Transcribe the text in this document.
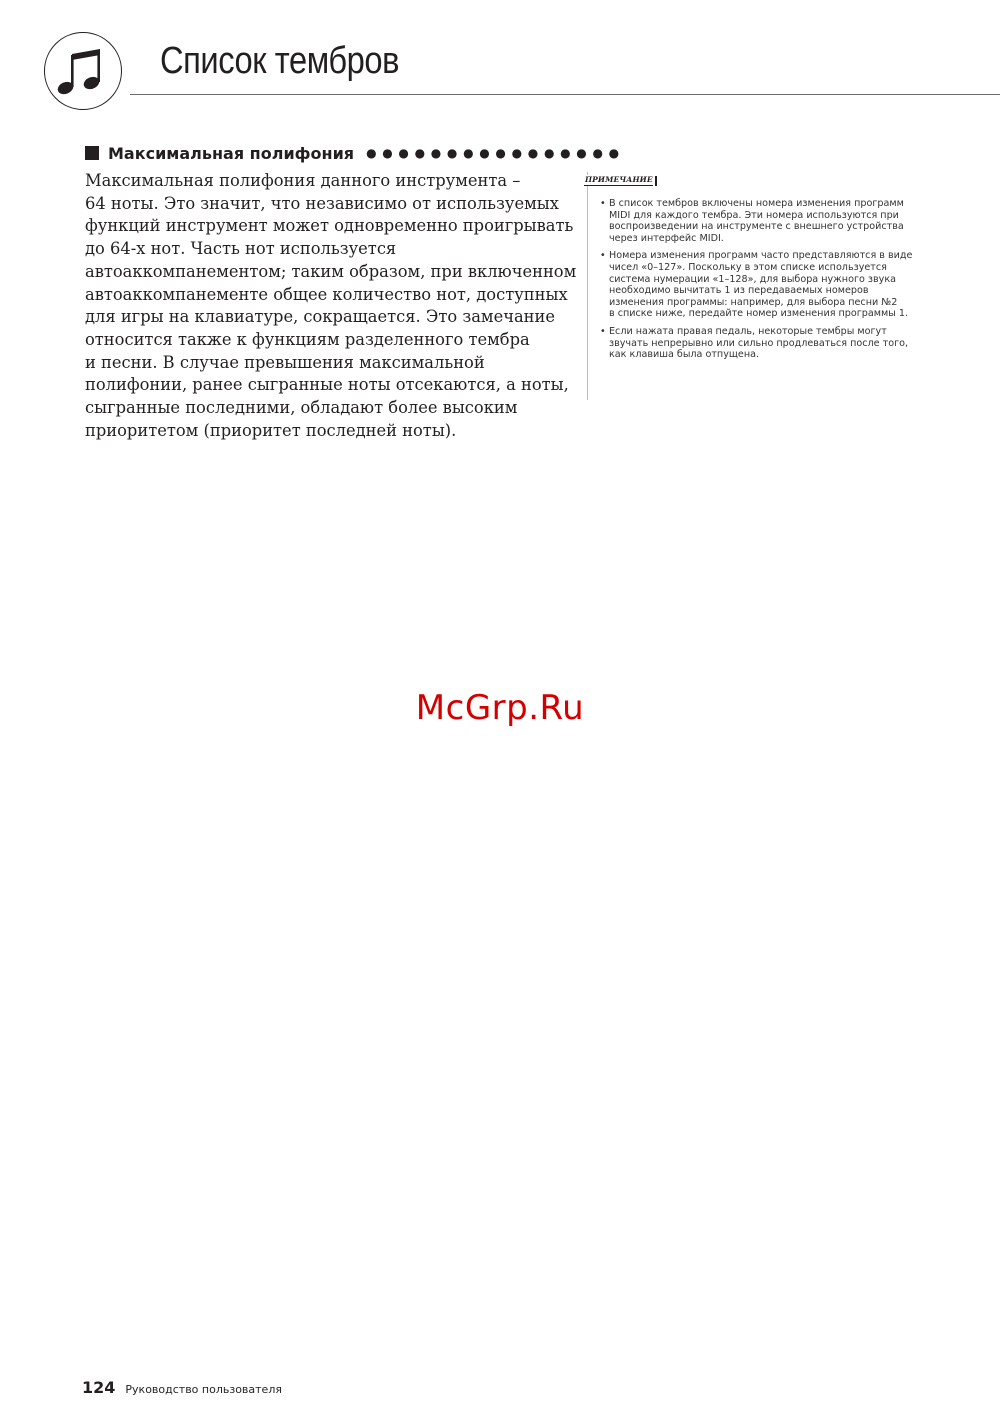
Список тембров
Максимальная полифония ●●●●●●●●●●●●●●●●

Максимальная полифония данного инструмента –
64 ноты. Это значит, что независимо от используемых
функций инструмент может одновременно проигрывать
до 64-х нот. Часть нот используется
автоаккомпанементом; таким образом, при включенном
автоаккомпанементе общее количество нот, доступных
для игры на клавиатуре, сокращается. Это замечание
относится также к функциям разделенного тембра
и песни. В случае превышения максимальной
полифонии, ранее сыгранные ноты отсекаются, а ноты,
сыгранные последними, обладают более высоким
приоритетом (приоритет последней ноты).

ПРИМЕЧАНИЕ
• В список тембров включены номера изменения программ
MIDI для каждого тембра. Эти номера используются при
воспроизведении на инструменте с внешнего устройства
через интерфейс MIDI.
• Номера изменения программ часто представляются в виде
чисел «0–127». Поскольку в этом списке используется
система нумерации «1–128», для выбора нужного звука
необходимо вычитать 1 из передаваемых номеров
изменения программы: например, для выбора песни №2
в списке ниже, передайте номер изменения программы 1.
• Если нажата правая педаль, некоторые тембры могут
звучать непрерывно или сильно продлеваться после того,
как клавиша была отпущена.
McGrp.Ru
124 Руководство пользователя
